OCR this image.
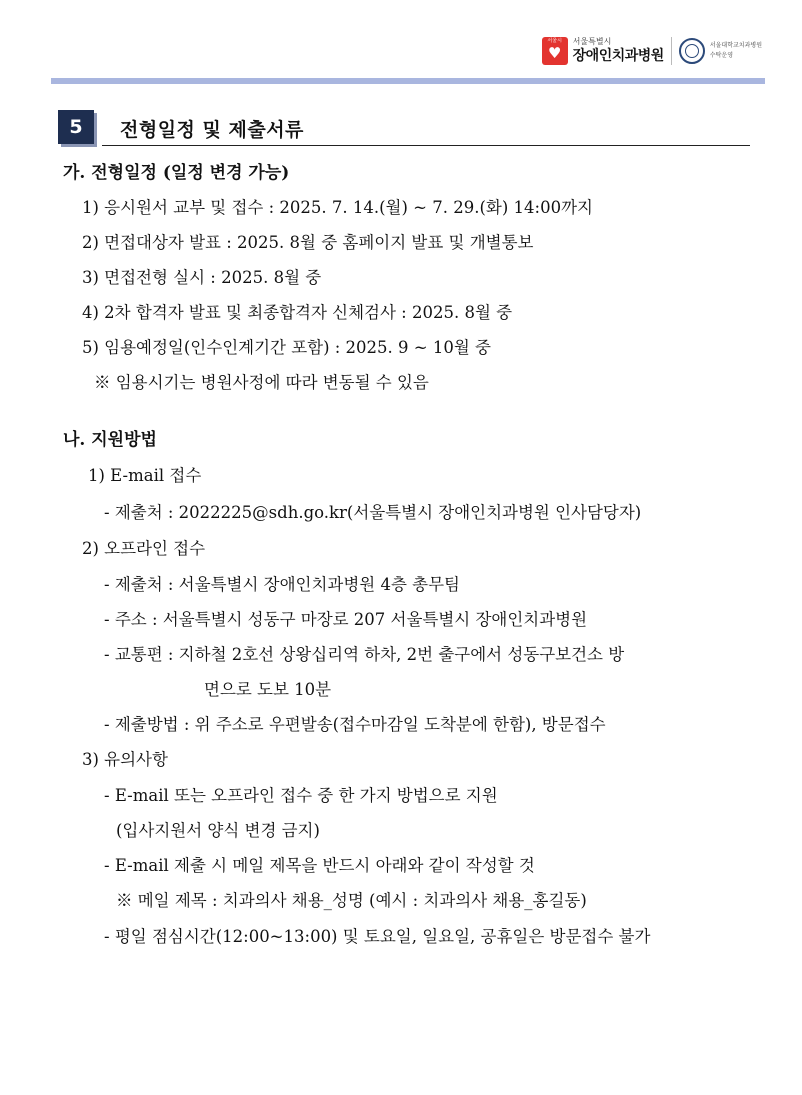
서울시
♥
서울특별시
장애인치과병원
서울대학교치과병원
수탁운영
5	전형일정 및 제출서류
가. 전형일정 (일정 변경 가능)
1) 응시원서 교부 및 접수 : 2025. 7. 14.(월) ~ 7. 29.(화) 14:00까지
2) 면접대상자 발표 : 2025. 8월 중 홈페이지 발표 및 개별통보
3) 면접전형 실시 : 2025. 8월 중
4) 2차 합격자 발표 및 최종합격자 신체검사 : 2025. 8월 중
5) 임용예정일(인수인계기간 포함) : 2025. 9 ~ 10월 중
※ 임용시기는 병원사정에 따라 변동될 수 있음
나. 지원방법
1) E-mail 접수
- 제출처 : 2022225@sdh.go.kr(서울특별시 장애인치과병원 인사담당자)
2) 오프라인 접수
- 제출처 : 서울특별시 장애인치과병원 4층 총무팀
- 주소 : 서울특별시 성동구 마장로 207 서울특별시 장애인치과병원
- 교통편 : 지하철 2호선 상왕십리역 하차, 2번 출구에서 성동구보건소 방
면으로 도보 10분
- 제출방법 : 위 주소로 우편발송(접수마감일 도착분에 한함), 방문접수
3) 유의사항
- E-mail 또는 오프라인 접수 중 한 가지 방법으로 지원
(입사지원서 양식 변경 금지)
- E-mail 제출 시 메일 제목을 반드시 아래와 같이 작성할 것
※ 메일 제목 : 치과의사 채용_성명 (예시 : 치과의사 채용_홍길동)
- 평일 점심시간(12:00~13:00) 및 토요일, 일요일, 공휴일은 방문접수 불가
